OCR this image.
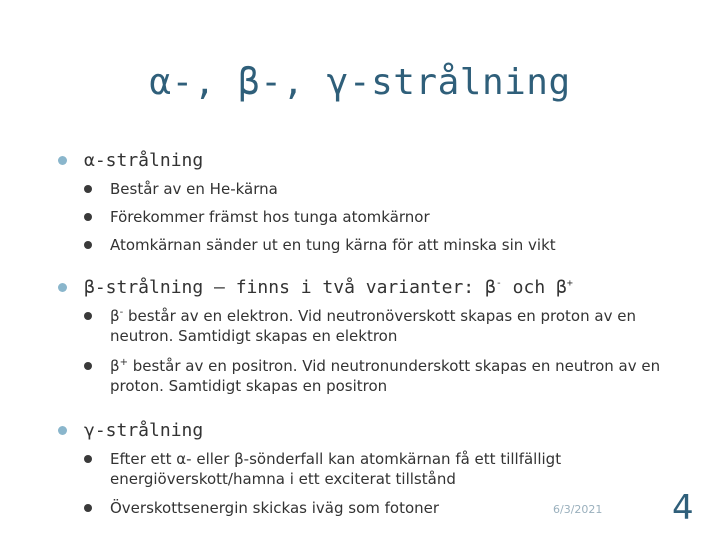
α-, β-, γ-strålning
α-strålning
Består av en He-kärna
Förekommer främst hos tunga atomkärnor
Atomkärnan sänder ut en tung kärna för att minska sin vikt
β-strålning – finns i två varianter: β- och β+
β- består av en elektron. Vid neutronöverskott skapas en proton av en neutron. Samtidigt skapas en elektron
β+ består av en positron. Vid neutronunderskott skapas en neutron av en proton. Samtidigt skapas en positron
γ-strålning
Efter ett α- eller β-sönderfall kan atomkärnan få ett tillfälligt energiöverskott/hamna i ett exciterat tillstånd
Överskottsenergin skickas iväg som fotoner	6/3/2021 4
